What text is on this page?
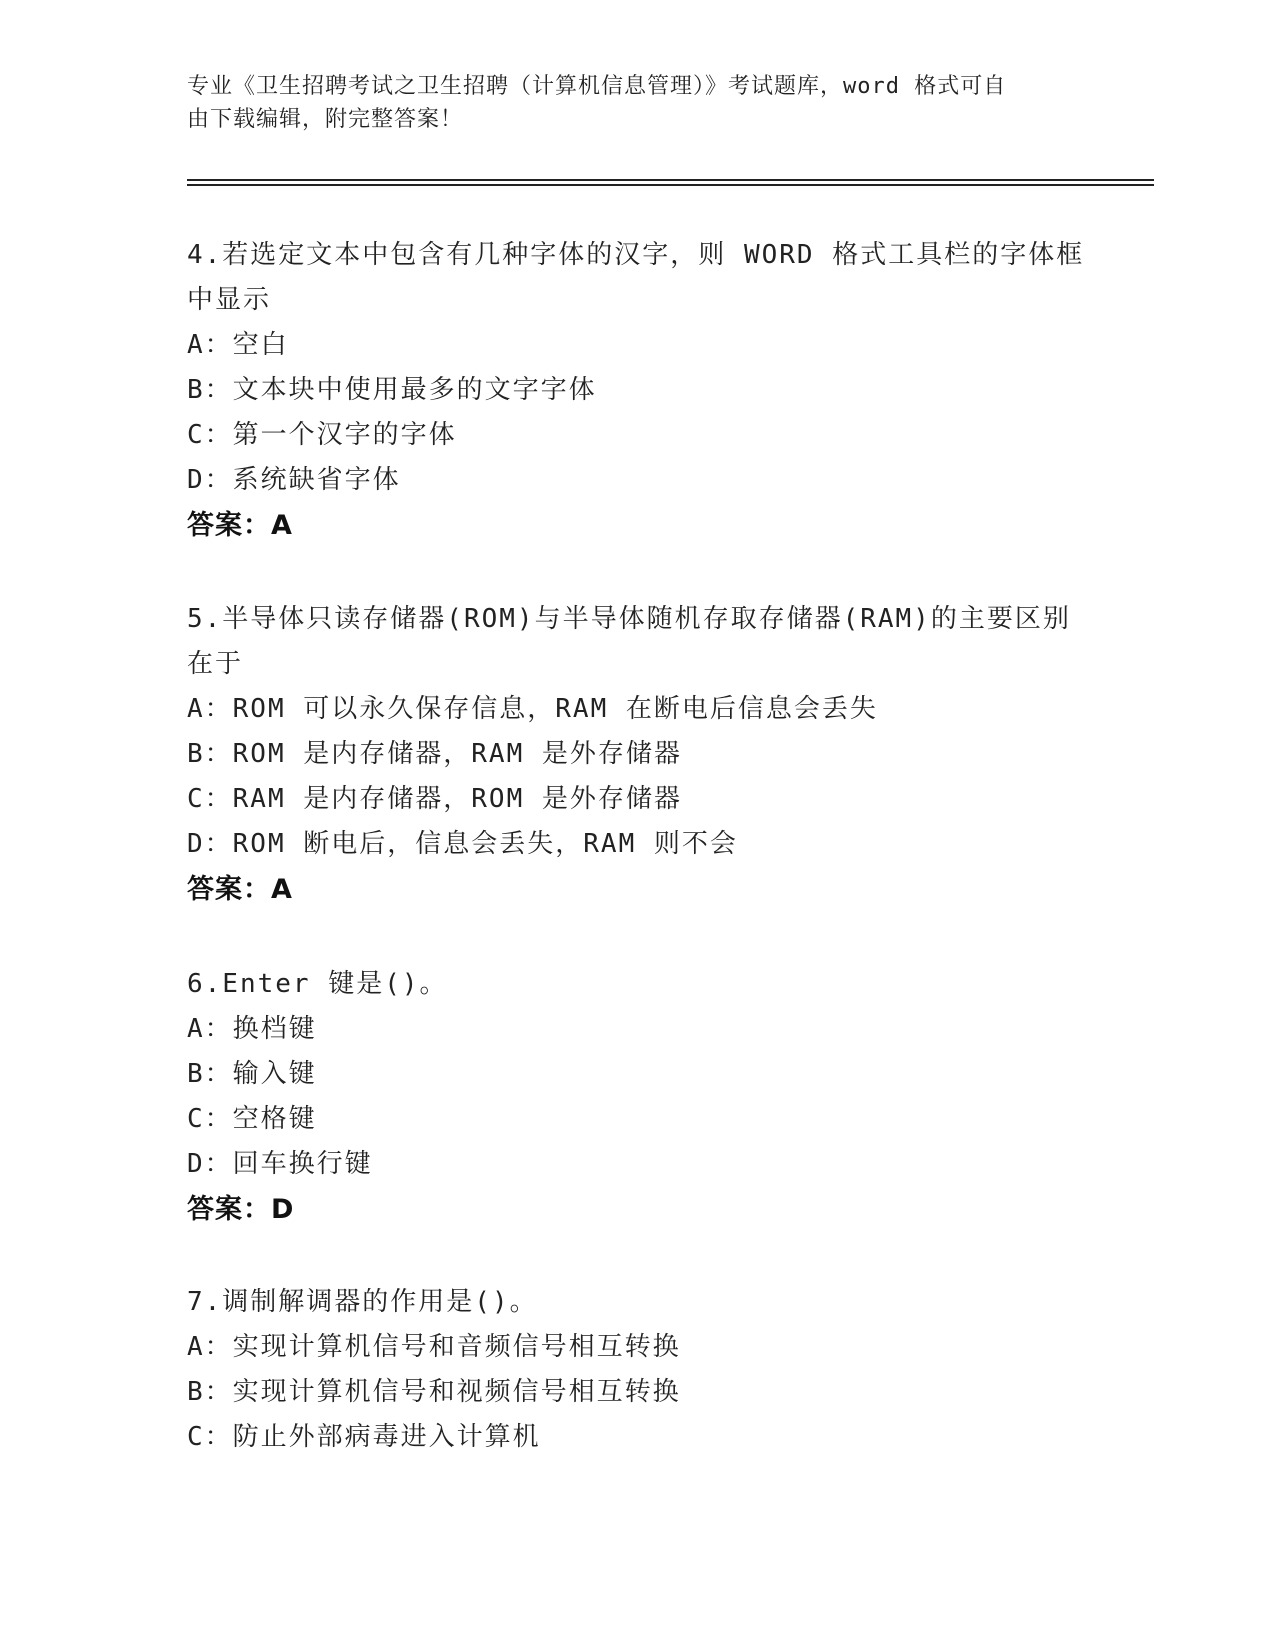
专业《卫生招聘考试之卫生招聘（计算机信息管理）》考试题库，word 格式可自
由下载编辑，附完整答案！
4.若选定文本中包含有几种字体的汉字，则 WORD 格式工具栏的字体框
中显示
A：空白
B：文本块中使用最多的文字字体
C：第一个汉字的字体
D：系统缺省字体
答案：A
5.半导体只读存储器(ROM)与半导体随机存取存储器(RAM)的主要区别
在于
A：ROM 可以永久保存信息，RAM 在断电后信息会丢失
B：ROM 是内存储器，RAM 是外存储器
C：RAM 是内存储器，ROM 是外存储器
D：ROM 断电后，信息会丢失，RAM 则不会
答案：A
6.Enter 键是()。
A：换档键
B：输入键
C：空格键
D：回车换行键
答案：D
7.调制解调器的作用是()。
A：实现计算机信号和音频信号相互转换
B：实现计算机信号和视频信号相互转换
C：防止外部病毒进入计算机
